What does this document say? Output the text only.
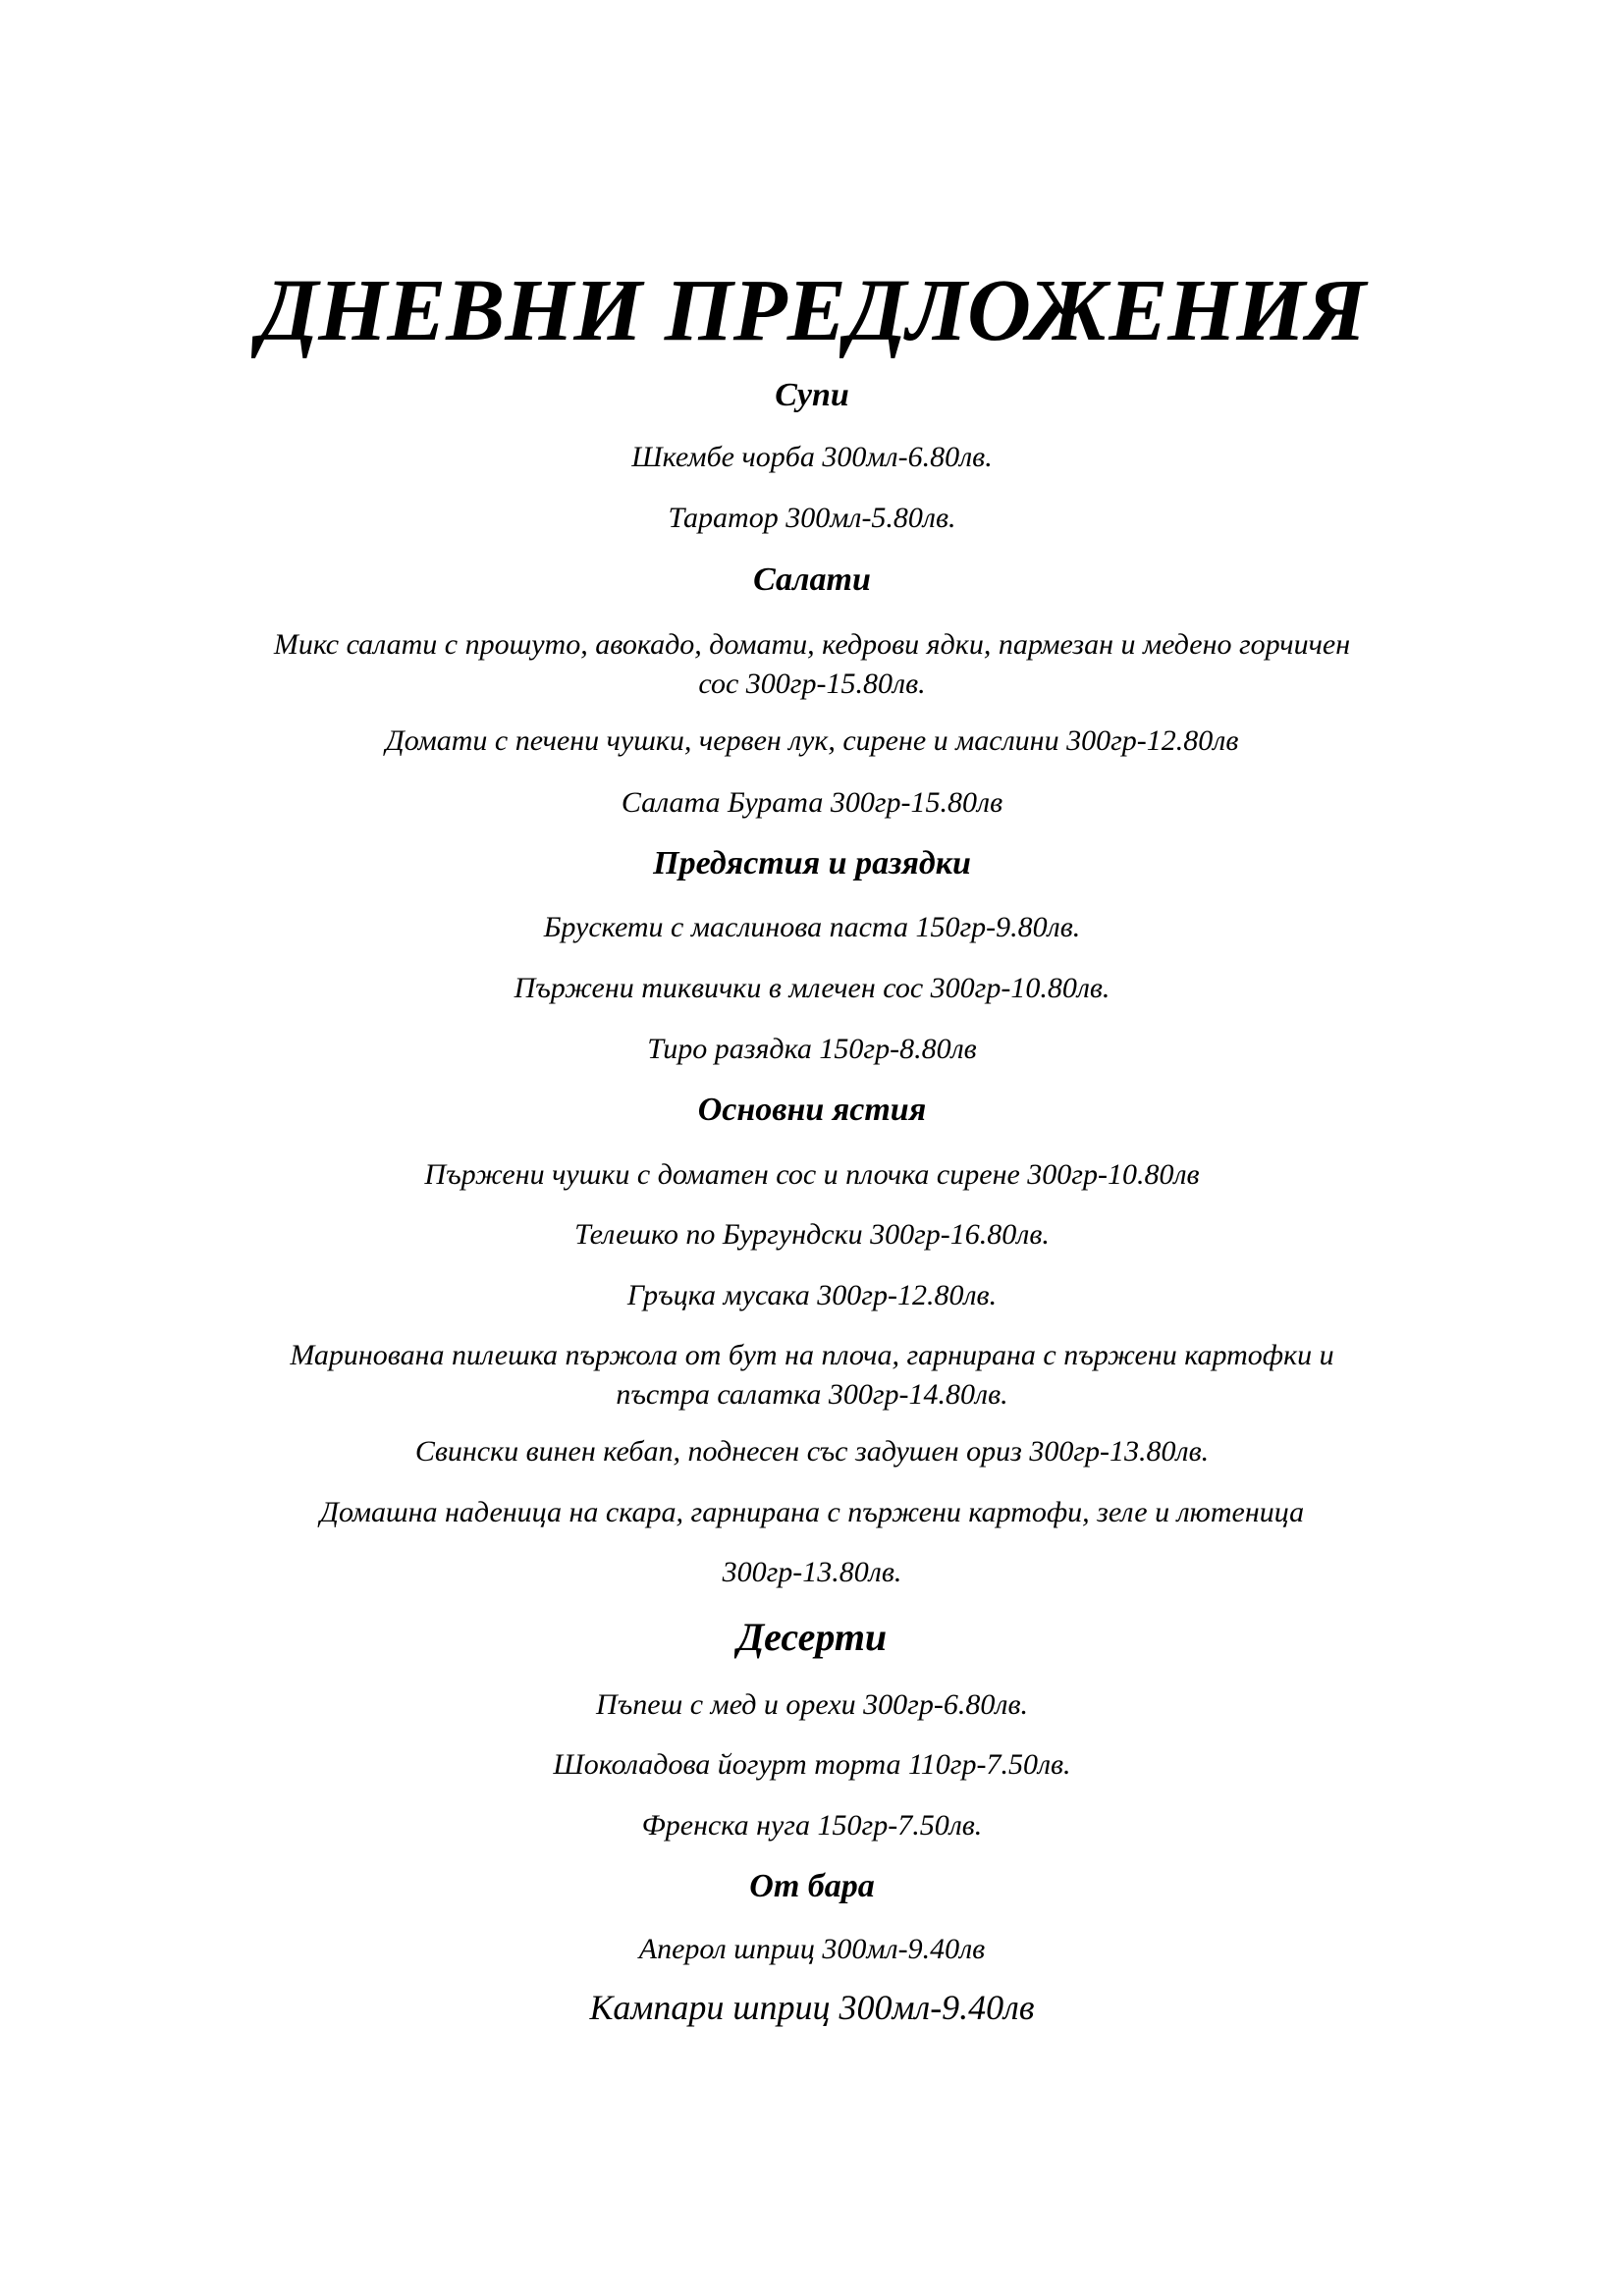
ДНЕВНИ ПРЕДЛОЖЕНИЯ
Супи
Шкембе чорба 300мл-6.80лв.
Таратор 300мл-5.80лв.
Салати
Микс салати с прошуто, авокадо, домати, кедрови ядки, пармезан и медено горчичен
сос 300гр-15.80лв.
Домати с печени чушки, червен лук, сирене и маслини 300гр-12.80лв
Салата Бурата 300гр-15.80лв
Предястия и разядки
Брускети с маслинова паста 150гр-9.80лв.
Пържени тиквички в млечен сос 300гр-10.80лв.
Тиро разядка 150гр-8.80лв
Основни ястия
Пържени чушки с доматен сос и плочка сирене 300гр-10.80лв
Телешко по Бургундски 300гр-16.80лв.
Гръцка мусака 300гр-12.80лв.
Маринована пилешка пържола от бут на плоча, гарнирана с пържени картофки и
пъстра салатка 300гр-14.80лв.
Свински винен кебап, поднесен със задушен ориз 300гр-13.80лв.
Домашна наденица на скара, гарнирана с пържени картофи, зеле и лютеница
300гр-13.80лв.
Десерти
Пъпеш с мед и орехи 300гр-6.80лв.
Шоколадова йогурт торта 110гр-7.50лв.
Френска нуга 150гр-7.50лв.
От бара
Аперол шприц 300мл-9.40лв
Кампари шприц 300мл-9.40лв
